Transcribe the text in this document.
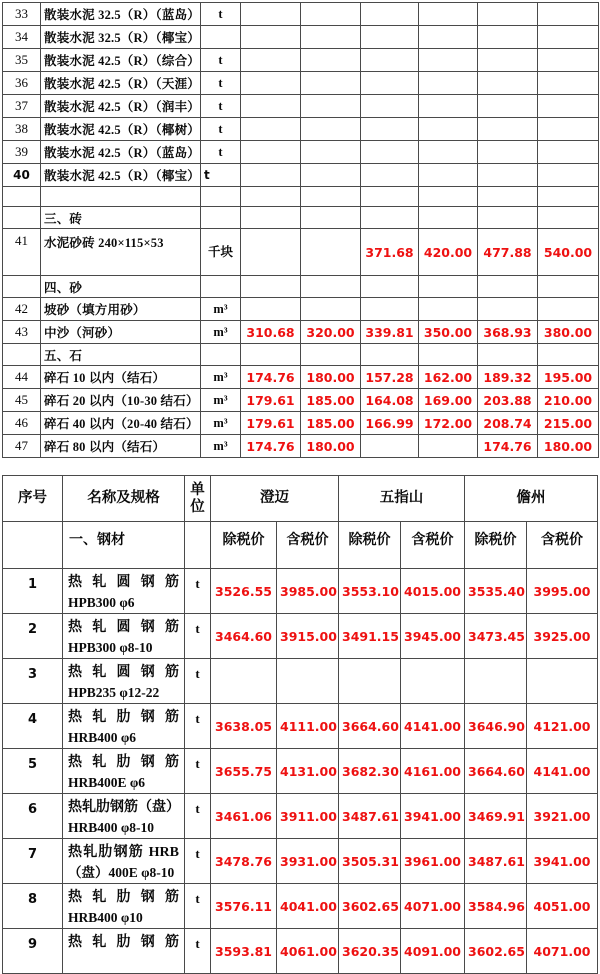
33	散装水泥 32.5（R）（蓝岛）	t						
34	散装水泥 32.5（R）（椰宝）							
35	散装水泥 42.5（R）（综合）	t						
36	散装水泥 42.5（R）（天涯）	t						
37	散装水泥 42.5（R）（润丰）	t						
38	散装水泥 42.5（R）（椰树）	t						
39	散装水泥 42.5（R）（蓝岛）	t						
40	散装水泥 42.5（R）（椰宝）	t						

	三、砖							
41	水泥砂砖 240×115×53	千块			371.68	420.00	477.88	540.00
	四、砂							
42	坡砂（填方用砂）	m³						
43	中沙（河砂）	m³	310.68	320.00	339.81	350.00	368.93	380.00
	五、石							
44	碎石 10 以内（结石）	m³	174.76	180.00	157.28	162.00	189.32	195.00
45	碎石 20 以内（10-30 结石）	m³	179.61	185.00	164.08	169.00	203.88	210.00
46	碎石 40 以内（20-40 结石）	m³	179.61	185.00	166.99	172.00	208.74	215.00
47	碎石 80 以内（结石）	m³	174.76	180.00			174.76	180.00
序号	名称及规格	单位	澄迈		五指山		儋州	
	一、钢材		除税价	含税价	除税价	含税价	除税价	含税价
1	热轧圆钢筋
HPB300 φ6	t	3526.55	3985.00	3553.10	4015.00	3535.40	3995.00
2	热轧圆钢筋
HPB300 φ8-10	t	3464.60	3915.00	3491.15	3945.00	3473.45	3925.00
3	热轧圆钢筋
HPB235 φ12-22	t						
4	热轧肋钢筋
HRB400 φ6	t	3638.05	4111.00	3664.60	4141.00	3646.90	4121.00
5	热轧肋钢筋
HRB400E φ6	t	3655.75	4131.00	3682.30	4161.00	3664.60	4141.00
6	热轧肋钢筋（盘）
HRB400 φ8-10	t	3461.06	3911.00	3487.61	3941.00	3469.91	3921.00
7	热轧肋钢筋 HRB
（盘）400E φ8-10	t	3478.76	3931.00	3505.31	3961.00	3487.61	3941.00
8	热轧肋钢筋
HRB400 φ10	t	3576.11	4041.00	3602.65	4071.00	3584.96	4051.00
9	热轧肋钢筋	t	3593.81	4061.00	3620.35	4091.00	3602.65	4071.00
